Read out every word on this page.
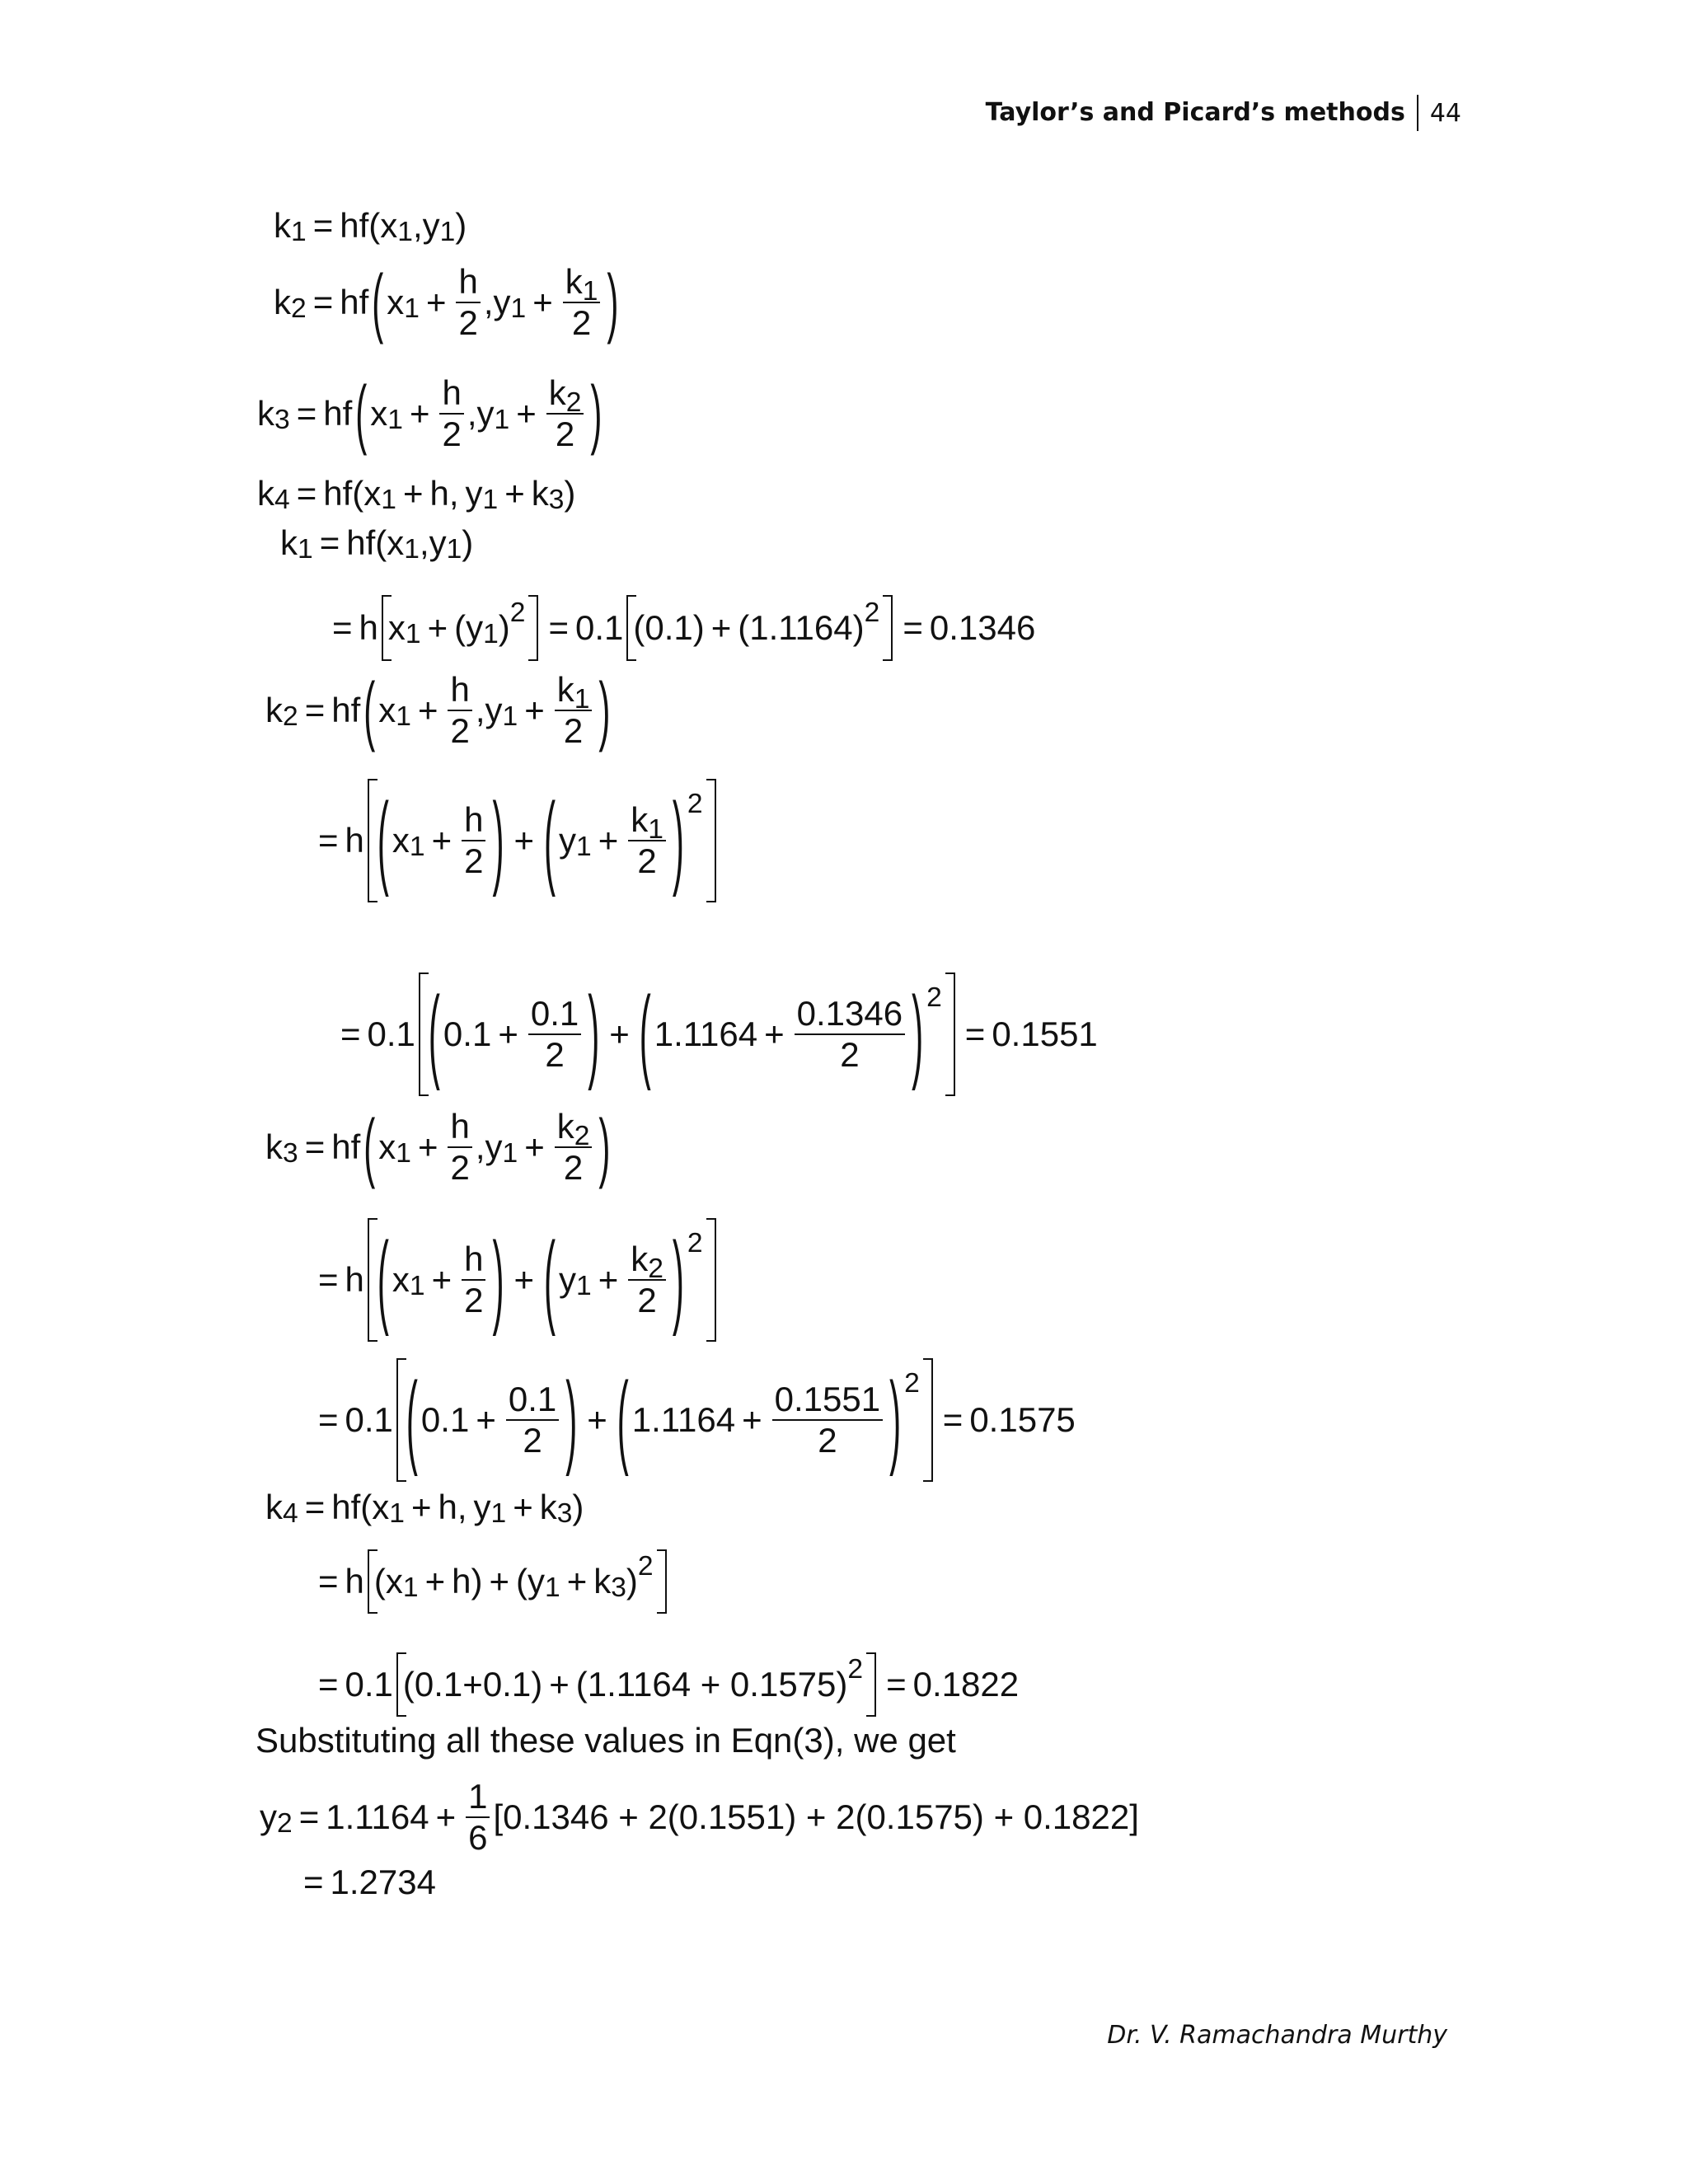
Taylor’s and Picard’s methods	44
k 1 = hf ( x 1 , y 1 )
k 2 = hf ( x $1 + \frac{h}{2}$ , y $1 + \frac{k_1}{2}$ )
k 3 = hf ( x $1 + \frac{h}{2}$ , y $1 + \frac{k_2}{2}$ )
k 4 = hf ( x 1 + h, y 1 + k 3 )
k 1 = hf ( x 1 , y 1 )
= h x 1 + ( y 1 ) 2 = 0.1 (0.1) + (1.1164) 2 = 0.1346
k 2 = hf ( x $1 + \frac{h}{2}$ , y $1 + \frac{k_1}{2}$ )
= h ( x $1 + \frac{h}{2}$ ) + ( y $1 + \frac{k_1}{2}$ ) 2
= 0.1 ( $0.1 + \frac{0.1}{2}$ ) + ( $1.1164 + \frac{0.1346}{2}$ ) 2
= 0.1551
k 3 = hf ( x $1 + \frac{h}{2}$ , y $1 + \frac{k_2}{2}$ )
= h ( x $1 + \frac{h}{2}$ ) + ( y $1 + \frac{k_2}{2}$ ) 2
= 0.1 ( $0.1 + \frac{0.1}{2}$ ) + ( $1.1164 + \frac{0.1551}{2}$ ) 2
= 0.1575
k 4 = hf ( x 1 + h, y 1 + k 3 )
= h ( x 1 + h ) + ( y 1 + k 3 ) 2
= 0.1 (0.1+0.1) + (1.1164 + 0.1575) 2 = 0.1822
Substituting all these values in Eqn(3), we get
y $2 = 1.1164 + \frac{1}{6} [0.1346 + 2(0.1551) + 2(0.1575) + 0.1822]$
= 1.2734
Dr. V. Ramachandra Murthy
